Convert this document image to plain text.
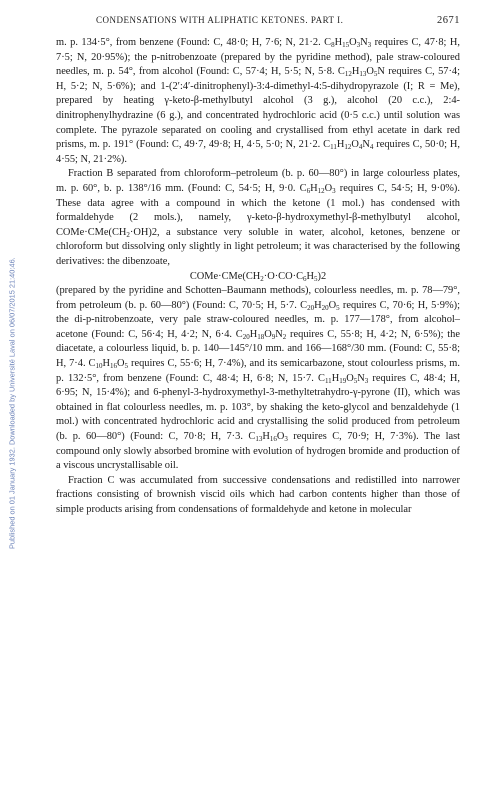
Published on 01 January 1932. Downloaded by Université Laval on 06/07/2015 21:40:46.
CONDENSATIONS WITH ALIPHATIC KETONES. PART I.	2671

m. p. 134·5°, from benzene (Found: C, 48·0; H, 7·6; N, 21·2. $C_8H_{15}O_3N_3$ requires C, 47·8; H, 7·5; N, 20·95%); the p-nitrobenzoate (prepared by the pyridine method), pale straw-coloured needles, m. p. 54°, from alcohol (Found: C, 57·4; H, 5·5; N, 5·8. $C_{12}H_{13}O_5N$ requires C, 57·4; H, 5·2; N, 5·6%); and 1-(2′:4′-dinitrophenyl)-3:4-dimethyl-4:5-dihydropyrazole (I; R = Me), prepared by heating γ-keto-β-methylbutyl alcohol (3 g.), alcohol (20 c.c.), 2:4-dinitrophenylhydrazine (6 g.), and concentrated hydrochloric acid (0·5 c.c.) until solution was complete. The pyrazole separated on cooling and crystallised from ethyl acetate in dark red prisms, m. p. 191° (Found: C, 49·7, 49·8; H, 4·5, 5·0; N, 21·2. $C_{11}H_{12}O_4N_4$ requires C, 50·0; H, 4·55; N, 21·2%).

Fraction B separated from chloroform–petroleum (b. p. 60—80°) in large colourless plates, m. p. 60°, b. p. 138°/16 mm. (Found: C, 54·5; H, 9·0. $C_6H_{12}O_3$ requires C, 54·5; H, 9·0%). These data agree with a compound in which the ketone (1 mol.) has condensed with formaldehyde (2 mols.), namely, γ-keto-β-hydroxymethyl-β-methylbutyl alcohol, $COMe\cdot CMe(CH_2\cdot OH)2$, a substance very soluble in water, alcohol, ketones, benzene or chloroform but dissolving only slightly in light petroleum; it was characterised by the following derivatives: the dibenzoate,

$COMe\cdot CMe(CH_2\cdot O\cdot CO\cdot C_6H_5)2$

(prepared by the pyridine and Schotten–Baumann methods), colourless needles, m. p. 78—79°, from petroleum (b. p. 60—80°) (Found: C, 70·5; H, 5·7. $C_{20}H_{20}O_5$ requires C, 70·6; H, 5·9%); the di-p-nitrobenzoate, very pale straw-coloured needles, m. p. 177—178°, from alcohol–acetone (Found: C, 56·4; H, 4·2; N, 6·4. $C_{20}H_{18}O_9N_2$ requires C, 55·8; H, 4·2; N, 6·5%); the diacetate, a colourless liquid, b. p. 140—145°/10 mm. and 166—168°/30 mm. (Found: C, 55·8; H, 7·4. $C_{10}H_{16}O_5$ requires C, 55·6; H, 7·4%), and its semicarbazone, stout colourless prisms, m. p. 132·5°, from benzene (Found: C, 48·4; H, 6·8; N, 15·7. $C_{11}H_{19}O_5N_3$ requires C, 48·4; H, 6·95; N, 15·4%); and 6-phenyl-3-hydroxymethyl-3-methyltetrahydro-γ-pyrone (II), which was obtained in flat colourless needles, m. p. 103°, by shaking the keto-glycol and benzaldehyde (1 mol.) with concentrated hydrochloric acid and crystallising the solid produced from petroleum (b. p. 60—80°) (Found: C, 70·8; H, 7·3. $C_{13}H_{16}O_3$ requires C, 70·9; H, 7·3%). The last compound only slowly absorbed bromine with evolution of hydrogen bromide and production of a viscous uncrystallisable oil.

Fraction C was accumulated from successive condensations and redistilled into narrower fractions consisting of brownish viscid oils which had carbon contents higher than those of simple products arising from condensations of formaldehyde and ketone in molecular
